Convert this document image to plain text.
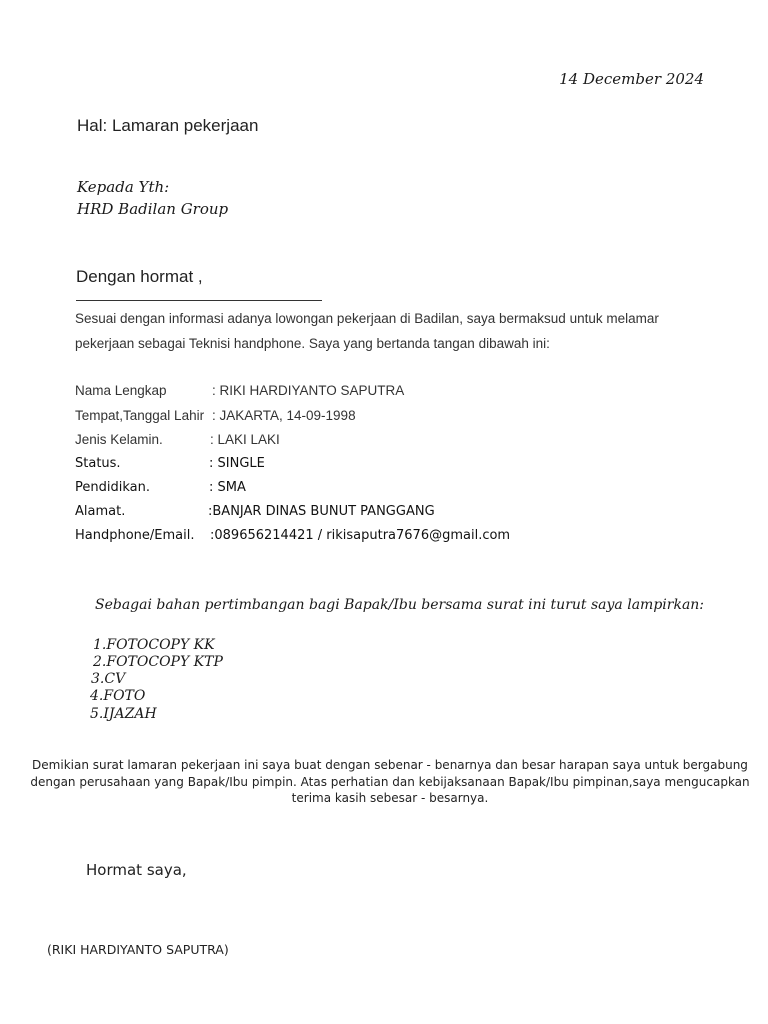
14 December 2024
Hal: Lamaran pekerjaan
Kepada Yth:
HRD Badilan Group
Dengan hormat ,
Sesuai dengan informasi adanya lowongan pekerjaan di Badilan, saya bermaksud untuk melamar
pekerjaan sebagai Teknisi handphone. Saya yang bertanda tangan dibawah ini:
Nama Lengkap	: RIKI HARDIYANTO SAPUTRA
Tempat,Tanggal Lahir : JAKARTA, 14-09-1998
Jenis Kelamin.	: LAKI LAKI
Status.	: SINGLE
Pendidikan.	: SMA
Alamat.	:BANJAR DINAS BUNUT PANGGANG
Handphone/Email. :089656214421 / rikisaputra7676@gmail.com
Sebagai bahan pertimbangan bagi Bapak/Ibu bersama surat ini turut saya lampirkan:
1.FOTOCOPY KK
2.FOTOCOPY KTP
3.CV
4.FOTO
5.IJAZAH
Demikian surat lamaran pekerjaan ini saya buat dengan sebenar - benarnya dan besar harapan saya untuk bergabung dengan perusahaan yang Bapak/Ibu pimpin. Atas perhatian dan kebijaksanaan Bapak/Ibu pimpinan,saya mengucapkan terima kasih sebesar - besarnya.
Hormat saya,
(RIKI HARDIYANTO SAPUTRA)
